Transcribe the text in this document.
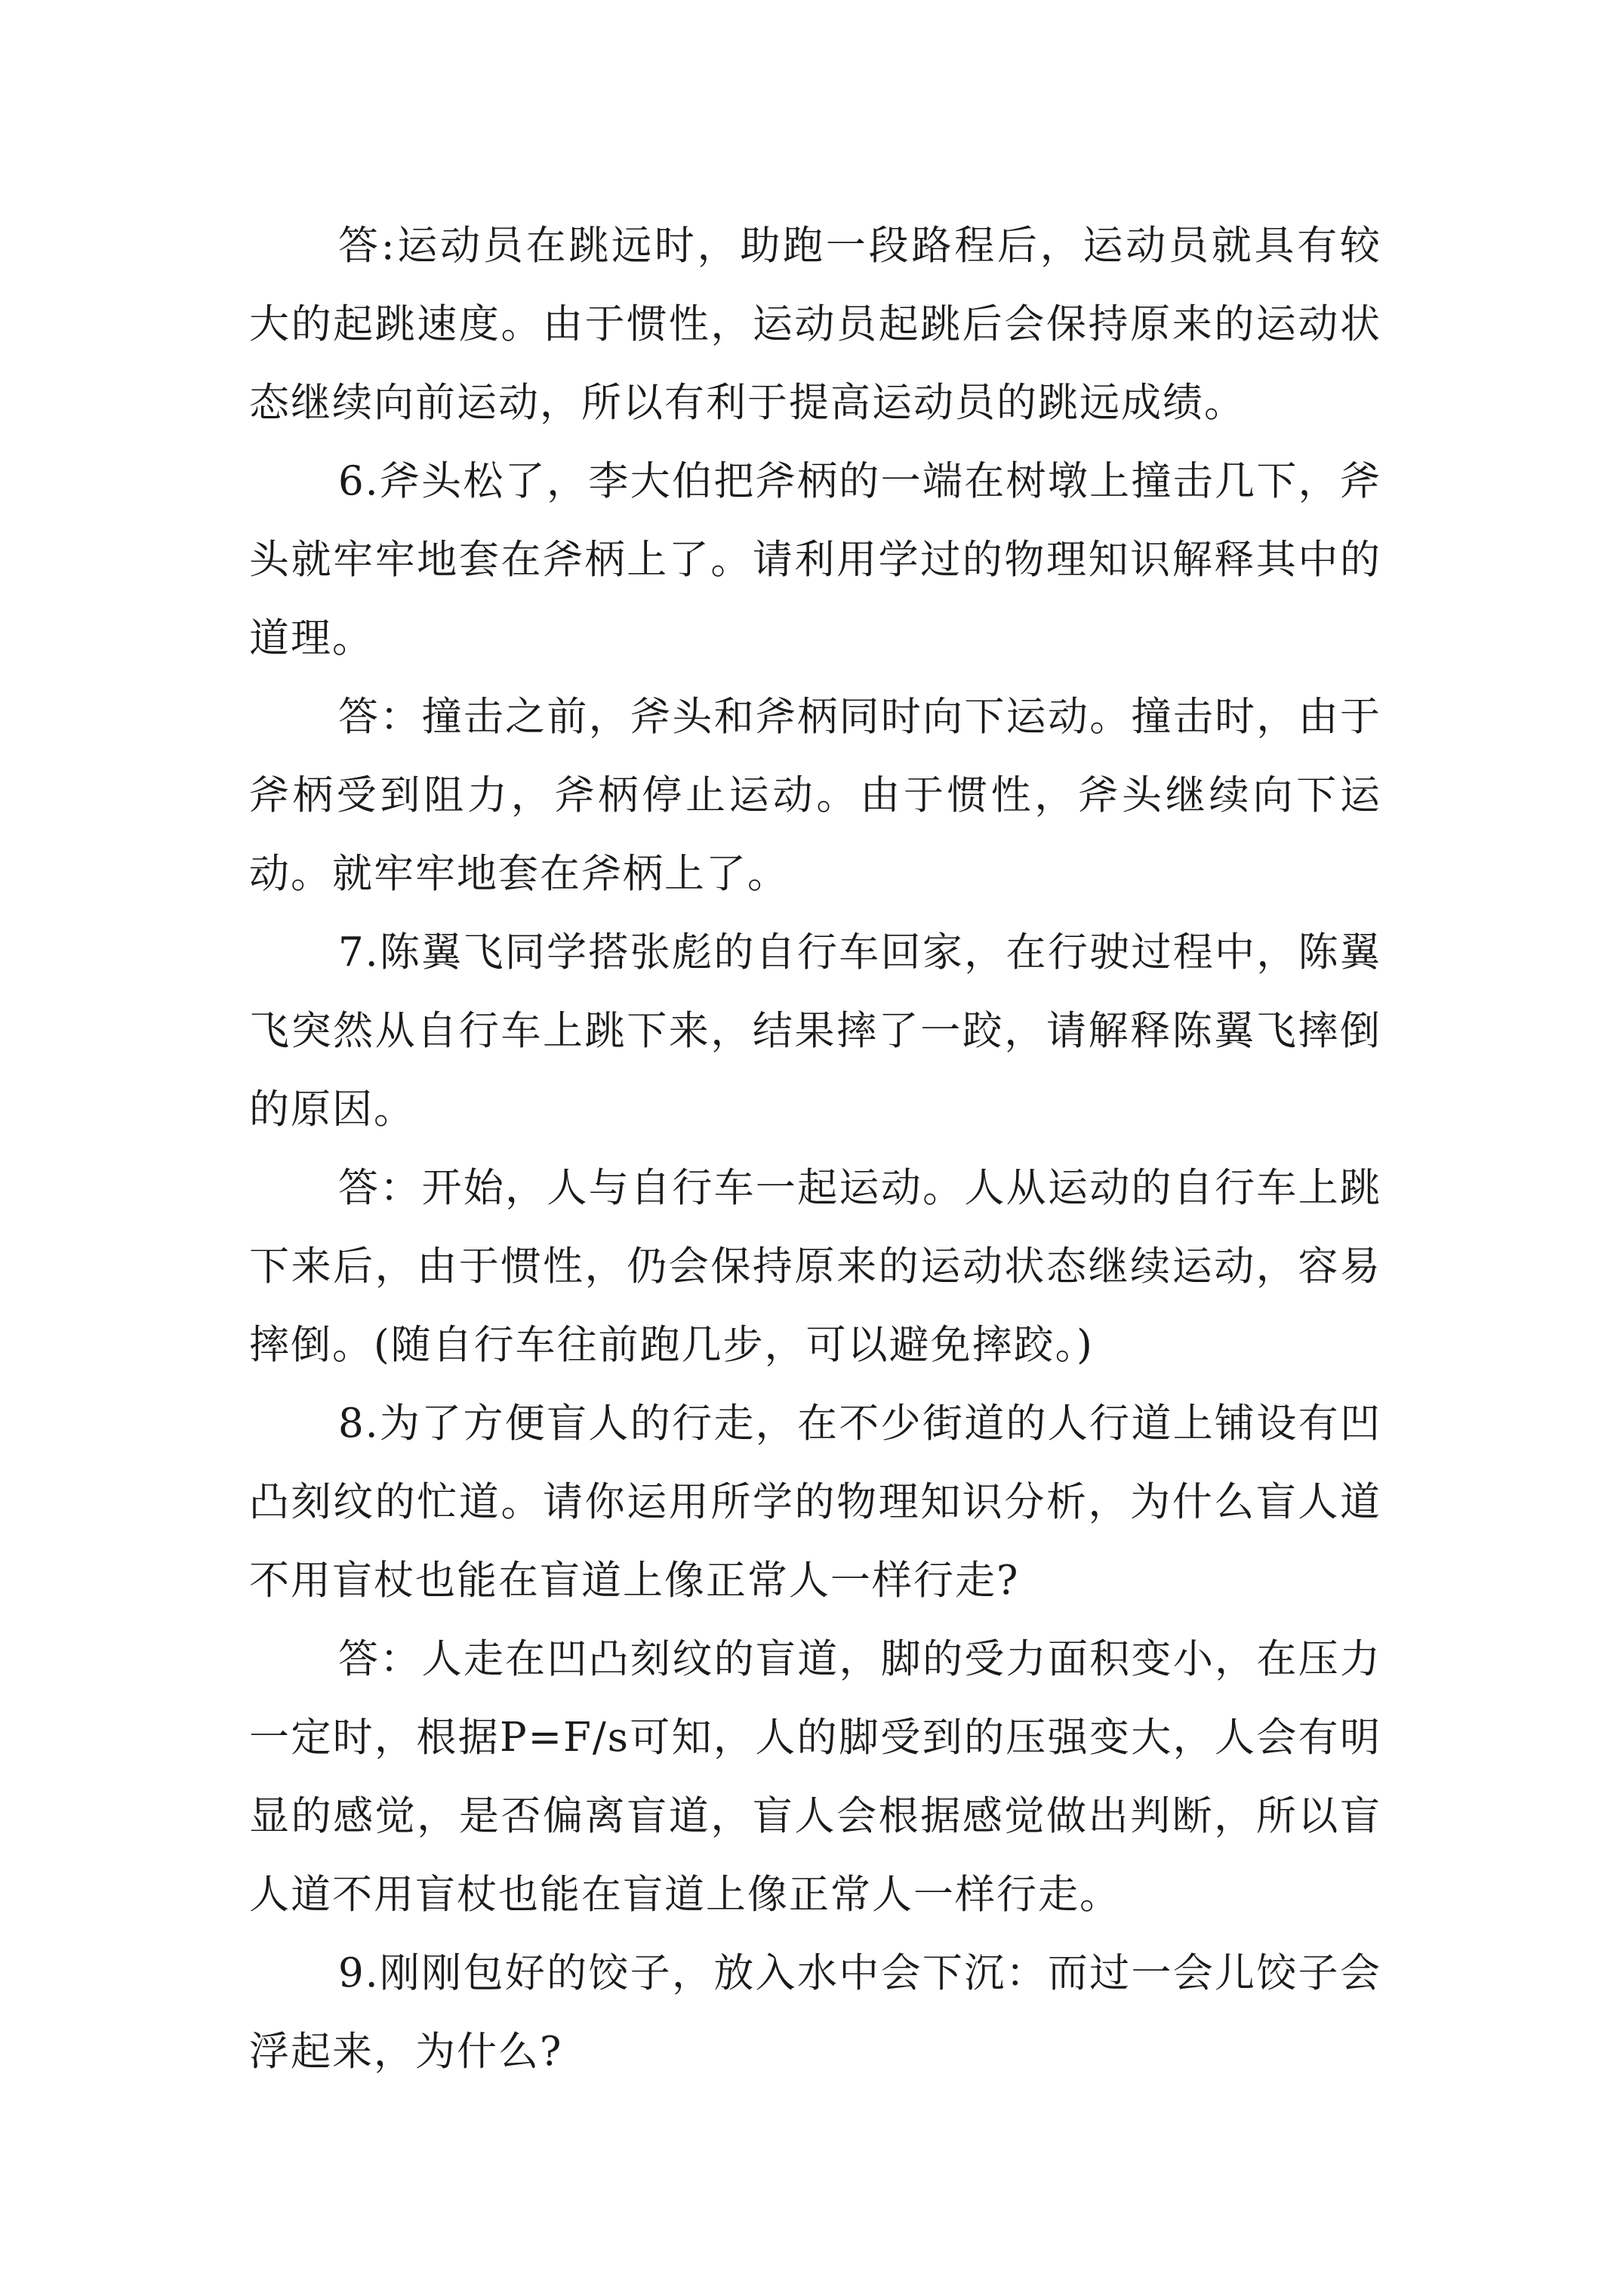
答:运动员在跳远时，助跑一段路程后，运动员就具有较大的起跳速度。由于惯性，运动员起跳后会保持原来的运动状态继续向前运动，所以有利于提高运动员的跳远成绩。

6.斧头松了，李大伯把斧柄的一端在树墩上撞击几下，斧头就牢牢地套在斧柄上了。请利用学过的物理知识解释其中的道理。

答：撞击之前，斧头和斧柄同时向下运动。撞击时，由于斧柄受到阻力，斧柄停止运动。由于惯性，斧头继续向下运动。就牢牢地套在斧柄上了。

7.陈翼飞同学搭张彪的自行车回家，在行驶过程中，陈翼飞突然从自行车上跳下来，结果摔了一跤，请解释陈翼飞摔倒的原因。

答：开始，人与自行车一起运动。人从运动的自行车上跳下来后，由于惯性，仍会保持原来的运动状态继续运动，容易摔倒。(随自行车往前跑几步，可以避免摔跤。)

8.为了方便盲人的行走，在不少街道的人行道上铺设有凹凸刻纹的忙道。请你运用所学的物理知识分析，为什么盲人道不用盲杖也能在盲道上像正常人一样行走?

答：人走在凹凸刻纹的盲道，脚的受力面积变小，在压力一定时，根据P=F/s可知，人的脚受到的压强变大，人会有明显的感觉，是否偏离盲道，盲人会根据感觉做出判断，所以盲人道不用盲杖也能在盲道上像正常人一样行走。

9.刚刚包好的饺子，放入水中会下沉：而过一会儿饺子会浮起来，为什么?
